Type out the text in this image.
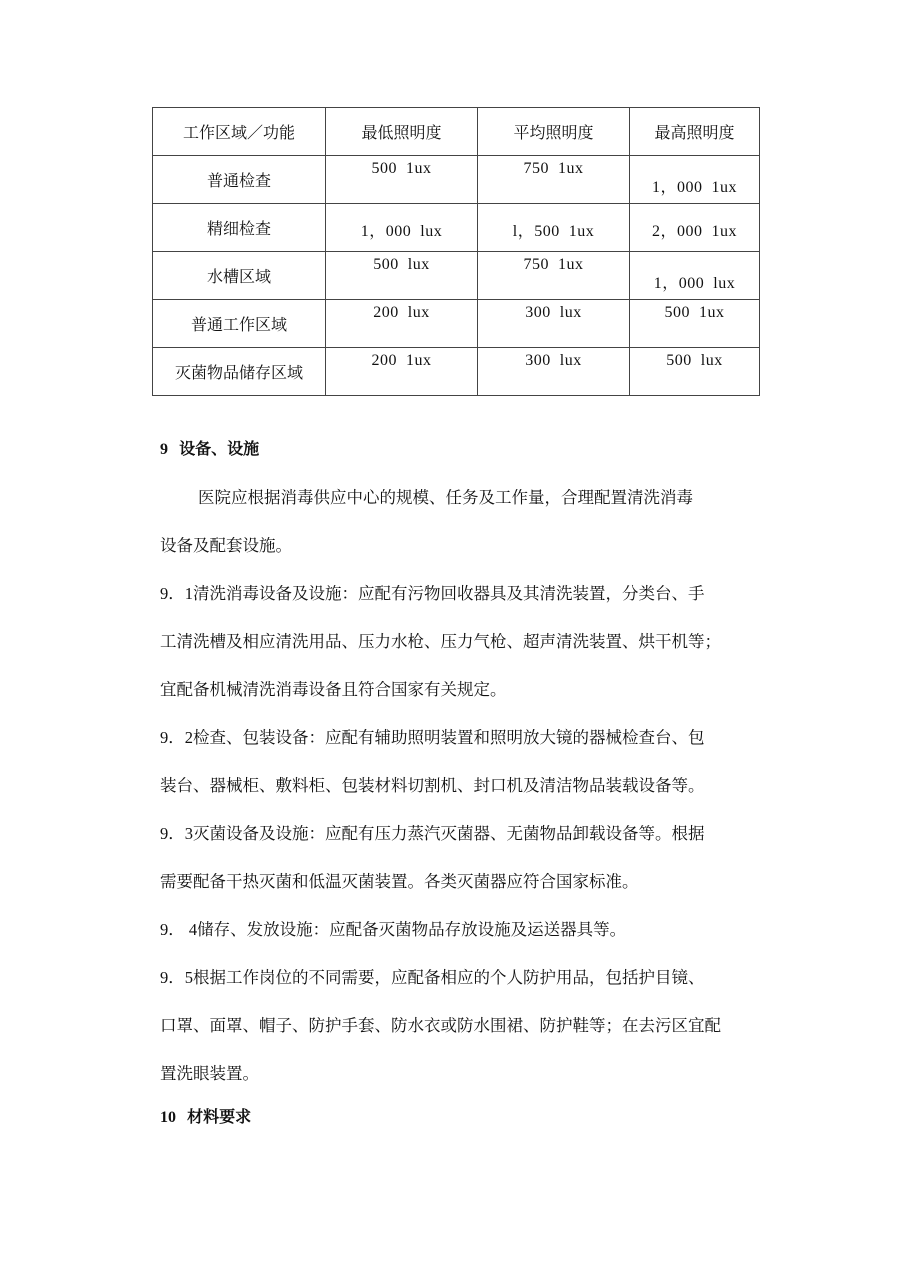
工作区域／功能	最低照明度	平均照明度	最高照明度
普通检查	500  1ux	750  1ux	1，000  1ux

精细检查	1，000  lux	l，500  1ux	2，000  1ux

水槽区域	500  lux	750  1ux	1，000  lux

普通工作区域	200  lux	300  lux	500  1ux

灭菌物品储存区域	200  1ux	300  lux	500  lux
9 设备、设施
医院应根据消毒供应中心的规模、任务及工作量，合理配置清洗消毒
设备及配套设施。
9．1清洗消毒设备及设施：应配有污物回收器具及其清洗装置，分类台、手
工清洗槽及相应清洗用品、压力水枪、压力气枪、超声清洗装置、烘干机等；
宜配备机械清洗消毒设备且符合国家有关规定。
9．2检查、包装设备：应配有辅助照明装置和照明放大镜的器械检查台、包
装台、器械柜、敷料柜、包装材料切割机、封口机及清洁物品装载设备等。
9．3灭菌设备及设施：应配有压力蒸汽灭菌器、无菌物品卸载设备等。根据
需要配备干热灭菌和低温灭菌装置。各类灭菌器应符合国家标准。
9． 4储存、发放设施：应配备灭菌物品存放设施及运送器具等。
9．5根据工作岗位的不同需要，应配备相应的个人防护用品，包括护目镜、
口罩、面罩、帽子、防护手套、防水衣或防水围裙、防护鞋等；在去污区宜配
置洗眼装置。
10 材料要求
